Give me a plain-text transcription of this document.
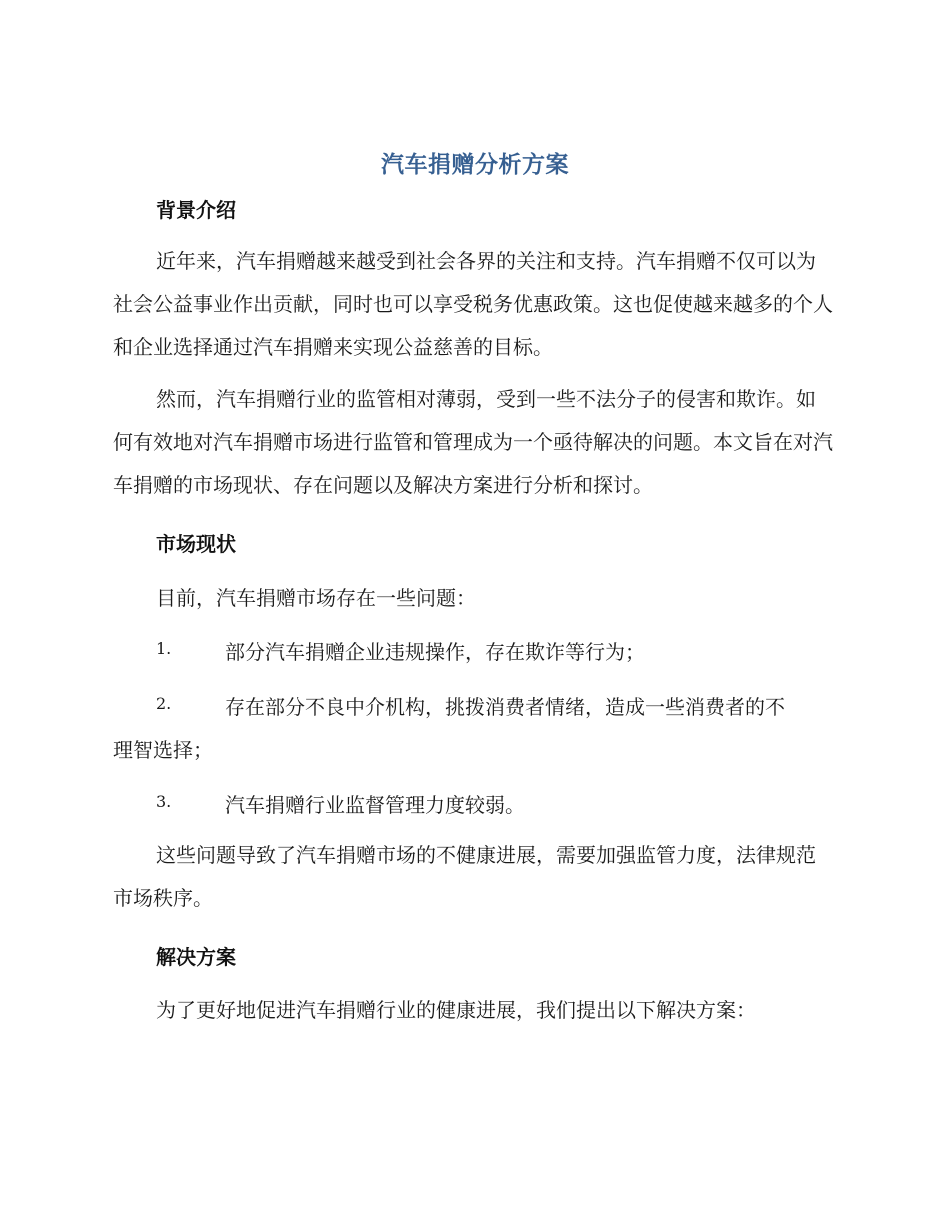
汽车捐赠分析方案
背景介绍
近年来，汽车捐赠越来越受到社会各界的关注和支持。汽车捐赠不仅可以为社会公益事业作出贡献，同时也可以享受税务优惠政策。这也促使越来越多的个人和企业选择通过汽车捐赠来实现公益慈善的目标。
然而，汽车捐赠行业的监管相对薄弱，受到一些不法分子的侵害和欺诈。如何有效地对汽车捐赠市场进行监管和管理成为一个亟待解决的问题。本文旨在对汽车捐赠的市场现状、存在问题以及解决方案进行分析和探讨。
市场现状
目前，汽车捐赠市场存在一些问题：
1.	部分汽车捐赠企业违规操作，存在欺诈等行为；
2.	存在部分不良中介机构，挑拨消费者情绪，造成一些消费者的不
理智选择；
3.	汽车捐赠行业监督管理力度较弱。
这些问题导致了汽车捐赠市场的不健康进展，需要加强监管力度，法律规范市场秩序。
解决方案
为了更好地促进汽车捐赠行业的健康进展，我们提出以下解决方案：
